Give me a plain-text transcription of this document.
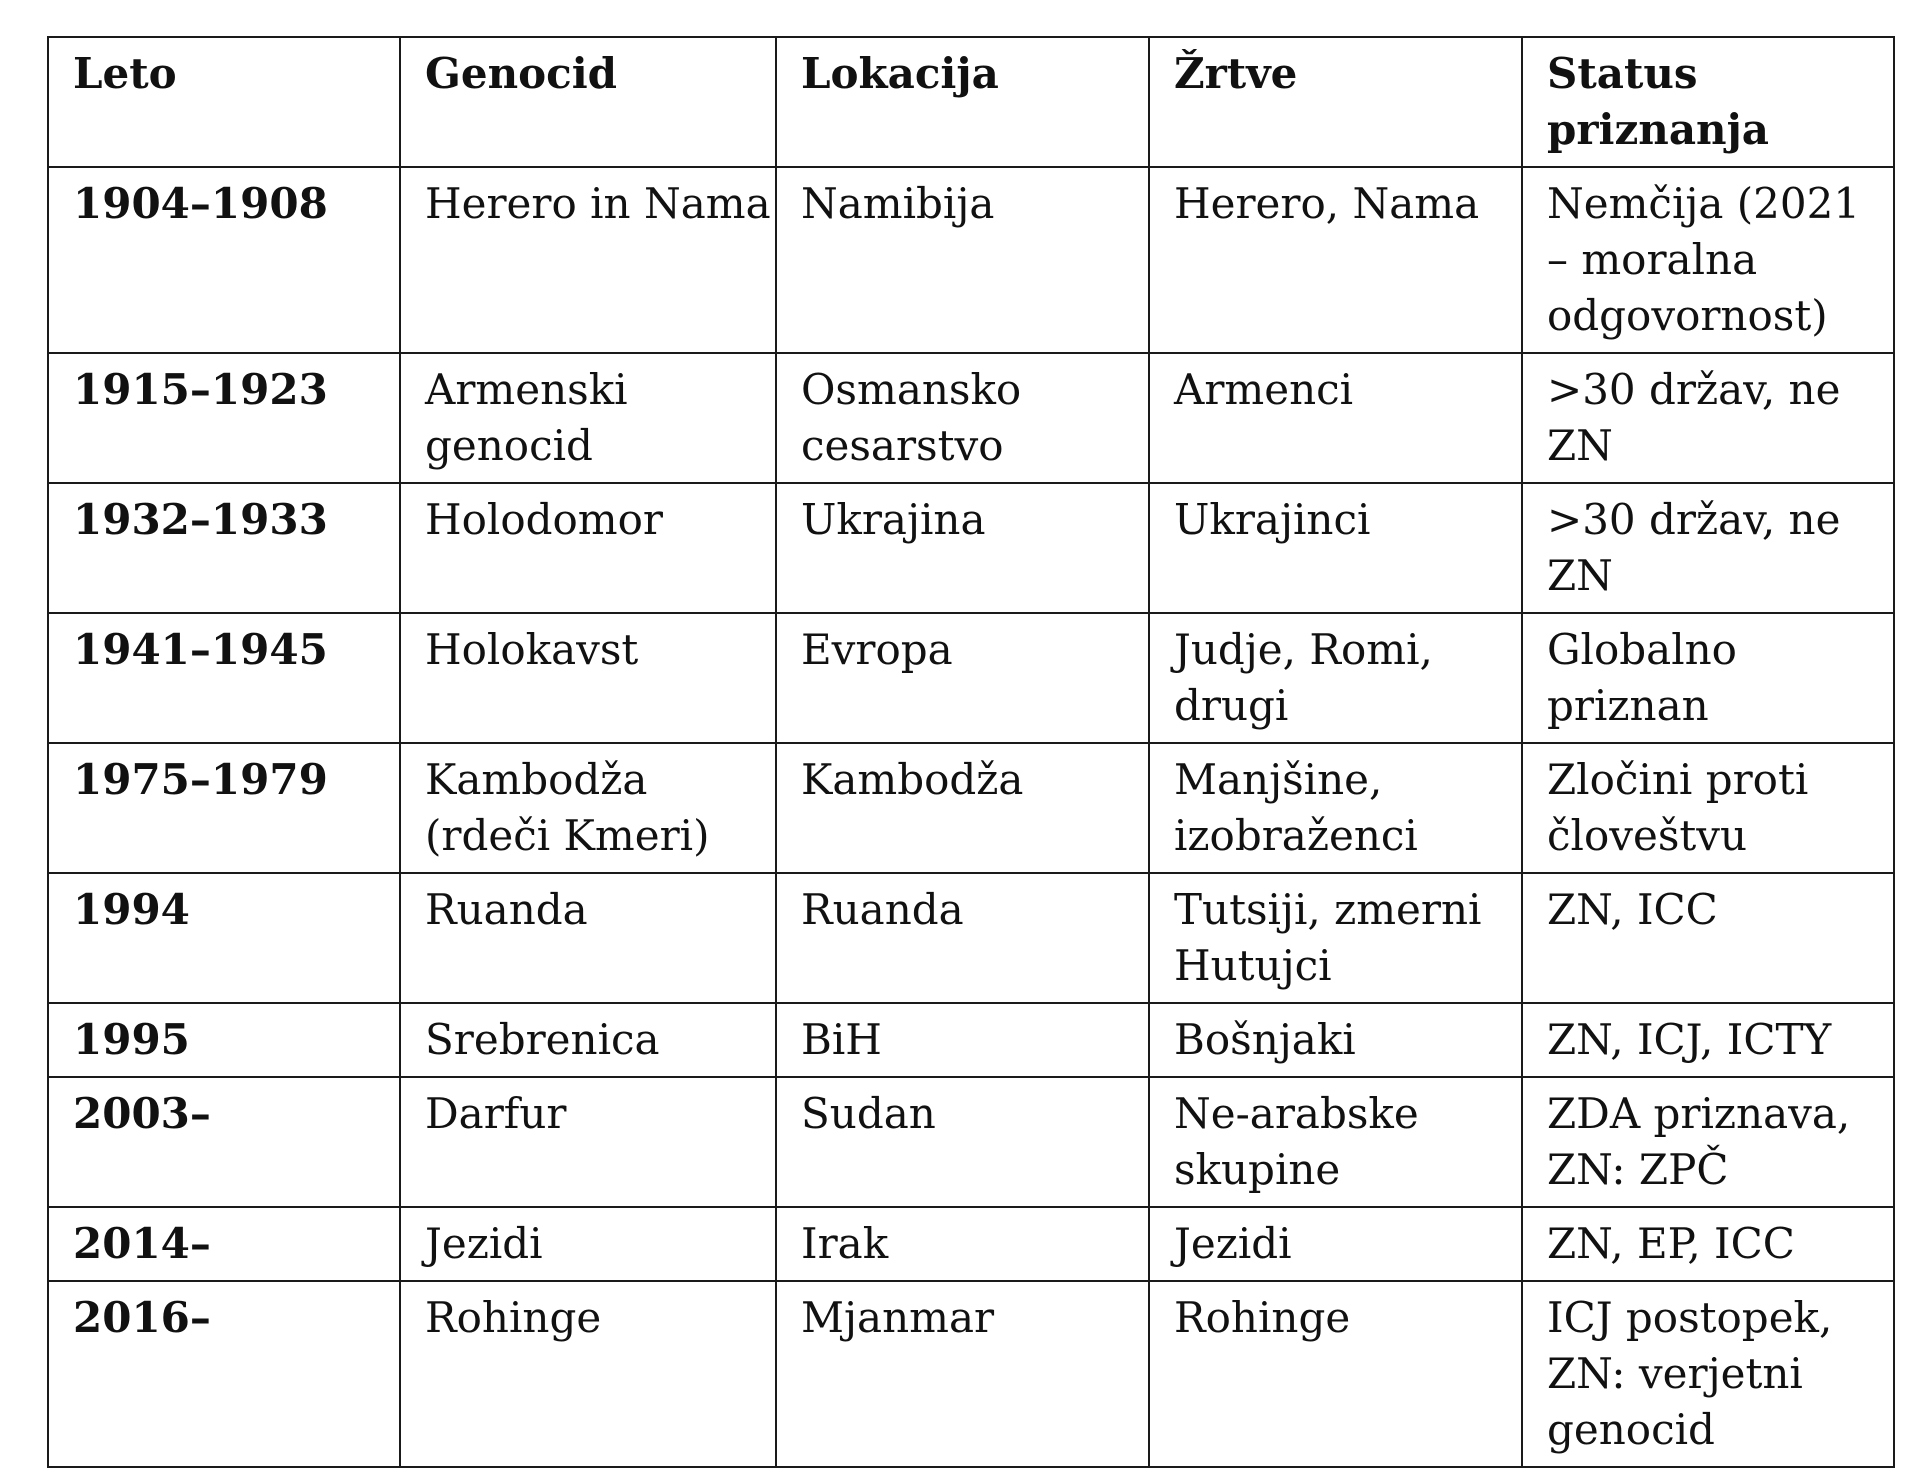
Leto	Genocid	Lokacija	Žrtve	Status priznanja
1904–1908	Herero in Nama	Namibija	Herero, Nama	Nemčija (2021 – moralna odgovornost)
1915–1923	Armenski genocid	Osmansko cesarstvo	Armenci	>30 držav, ne ZN
1932–1933	Holodomor	Ukrajina	Ukrajinci	>30 držav, ne ZN
1941–1945	Holokavst	Evropa	Judje, Romi, drugi	Globalno priznan
1975–1979	Kambodža (rdeči Kmeri)	Kambodža	Manjšine, izobraženci	Zločini proti človeštvu
1994	Ruanda	Ruanda	Tutsiji, zmerni Hutujci	ZN, ICC
1995	Srebrenica	BiH	Bošnjaki	ZN, ICJ, ICTY
2003–	Darfur	Sudan	Ne-arabske skupine	ZDA priznava, ZN: ZPČ
2014–	Jezidi	Irak	Jezidi	ZN, EP, ICC
2016–	Rohinge	Mjanmar	Rohinge	ICJ postopek, ZN: verjetni genocid
